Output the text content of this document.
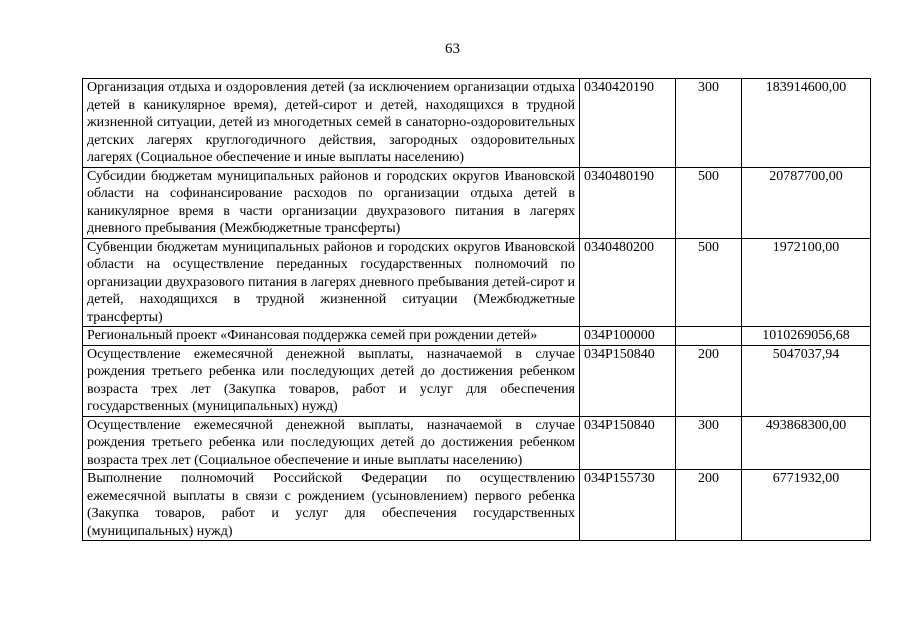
63
Организация отдыха и оздоровления детей (за исключением организации отдыха детей в каникулярное время), детей-сирот и детей, находящихся в трудной жизненной ситуации, детей из многодетных семей в санаторно-оздоровительных детских лагерях круглогодичного действия, загородных оздоровительных лагерях (Социальное обеспечение и иные выплаты населению)	0340420190	300	183914600,00
Субсидии бюджетам муниципальных районов и городских округов Ивановской области на софинансирование расходов по организации отдыха детей в каникулярное время в части организации двухразового питания в лагерях дневного пребывания (Межбюджетные трансферты)	0340480190	500	20787700,00
Субвенции бюджетам муниципальных районов и городских округов Ивановской области на осуществление переданных государственных полномочий по организации двухразового питания в лагерях дневного пребывания детей-сирот и детей, находящихся в трудной жизненной ситуации (Межбюджетные трансферты)	0340480200	500	1972100,00
Региональный проект «Финансовая поддержка семей при рождении детей»	034P100000		1010269056,68
Осуществление ежемесячной денежной выплаты, назначаемой в случае рождения третьего ребенка или последующих детей до достижения ребенком возраста трех лет (Закупка товаров, работ и услуг для обеспечения государственных (муниципальных) нужд)	034P150840	200	5047037,94
Осуществление ежемесячной денежной выплаты, назначаемой в случае рождения третьего ребенка или последующих детей до достижения ребенком возраста трех лет (Социальное обеспечение и иные выплаты населению)	034P150840	300	493868300,00
Выполнение полномочий Российской Федерации по осуществлению ежемесячной выплаты в связи с рождением (усыновлением) первого ребенка (Закупка товаров, работ и услуг для обеспечения государственных (муниципальных) нужд)	034P155730	200	6771932,00
